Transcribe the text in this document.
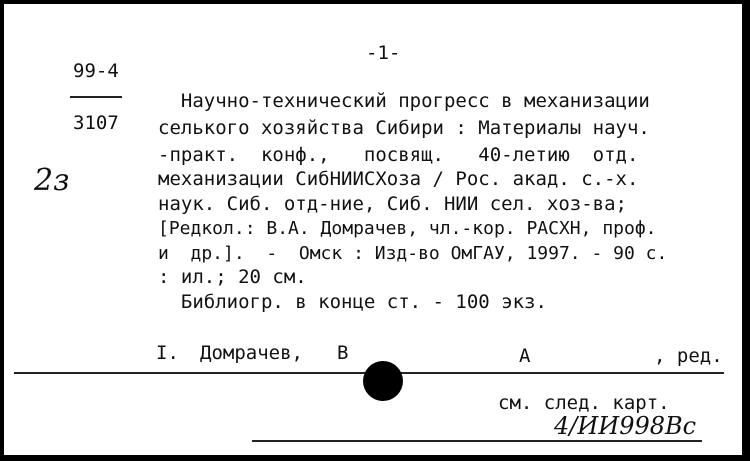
-1-
99-4
3107
2з
Научно-технический прогресс в механизации
селького хозяйства Сибири : Материалы науч.
-практ.  конф.,   посвящ.   40-летию  отд.
механизации СибНИИСХоза / Рос. акад. с.-х.
наук. Сиб. отд-ние, Сиб. НИИ сел. хоз-ва;
[Редкол.: В.А. Домрачев, чл.-кор. РАСХН, проф.
и  др.].  -  Омск : Изд-во ОмГАУ, 1997. - 90 с.
: ил.; 20 см.
Библиогр. в конце ст. - 100 экз.
I. Домрачев, В	А	, ред.
см. след. карт.
4/ИИ998Вс
